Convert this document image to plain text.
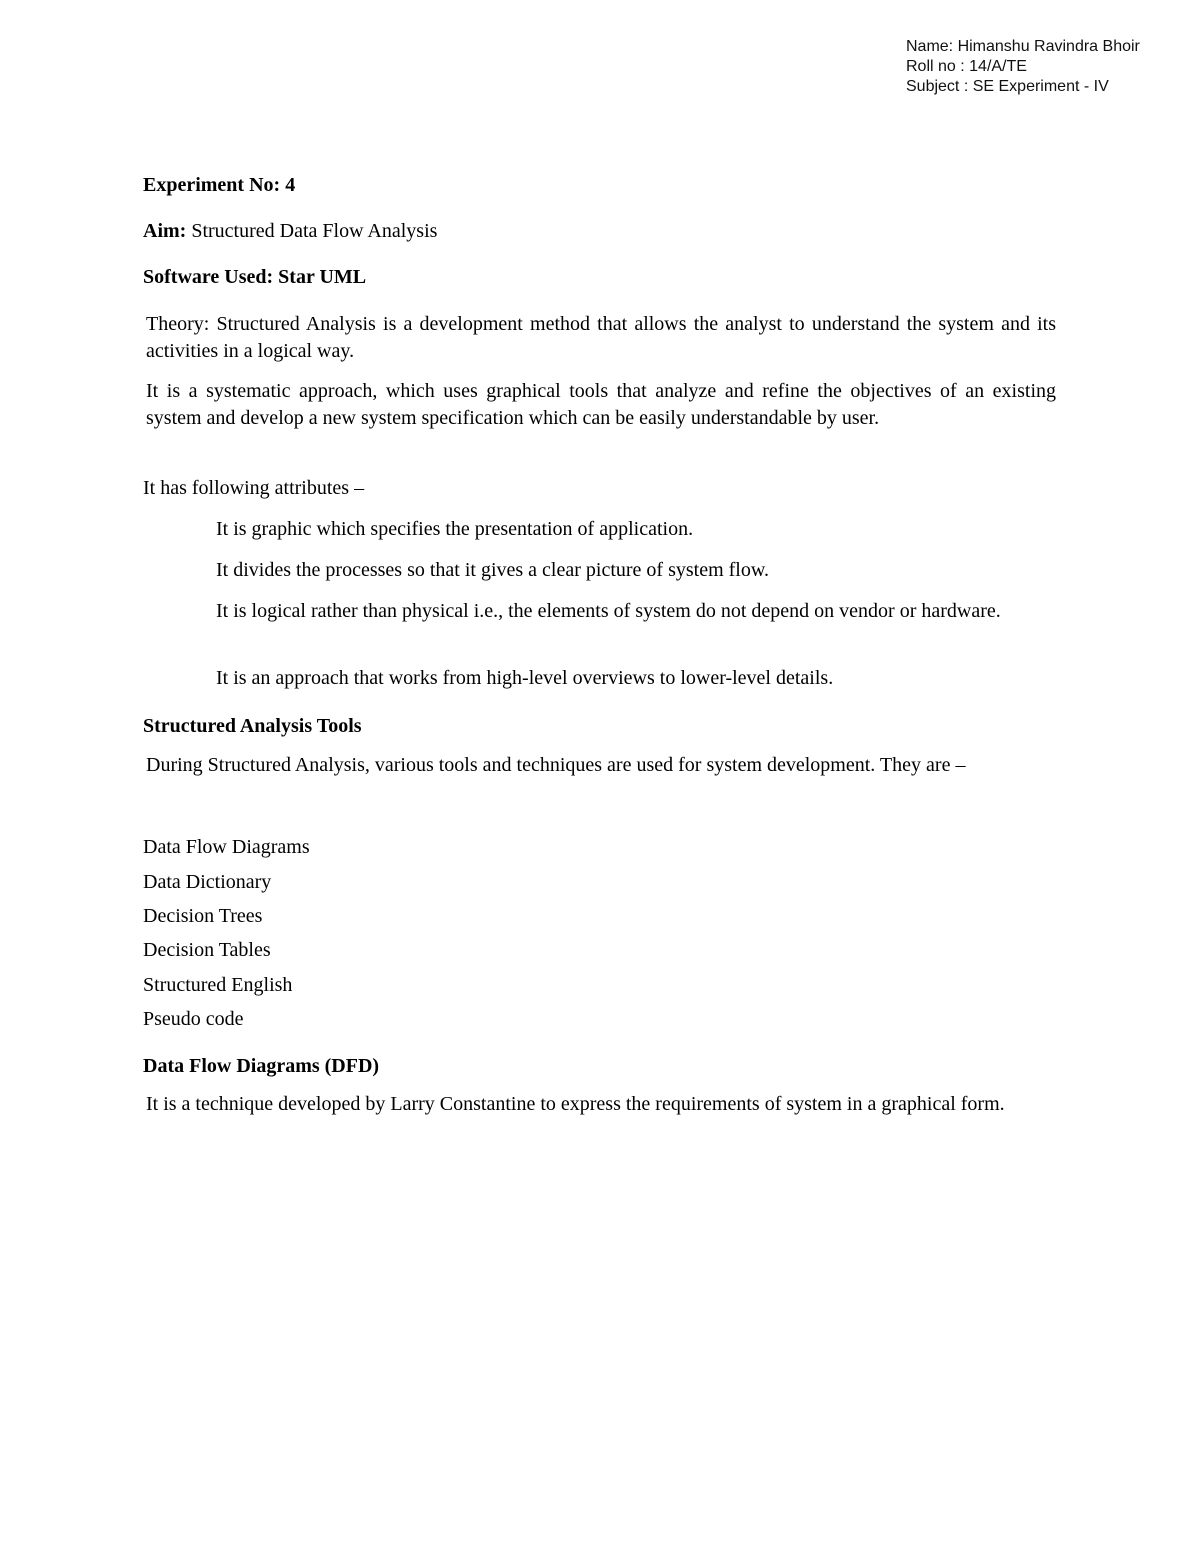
Name: Himanshu Ravindra Bhoir
Roll no : 14/A/TE
Subject : SE Experiment - IV
Experiment No: 4
Aim: Structured Data Flow Analysis
Software Used: Star UML
Theory: Structured Analysis is a development method that allows the analyst to understand the system and its activities in a logical way.
It is a systematic approach, which uses graphical tools that analyze and refine the objectives of an existing system and develop a new system specification which can be easily understandable by user.
It has following attributes –
It is graphic which specifies the presentation of application.
It divides the processes so that it gives a clear picture of system flow.
It is logical rather than physical i.e., the elements of system do not depend on vendor or hardware.
It is an approach that works from high-level overviews to lower-level details.
Structured Analysis Tools
During Structured Analysis, various tools and techniques are used for system development. They are –
Data Flow Diagrams
Data Dictionary
Decision Trees
Decision Tables
Structured English
Pseudo code
Data Flow Diagrams (DFD)
It is a technique developed by Larry Constantine to express the requirements of system in a graphical form.
